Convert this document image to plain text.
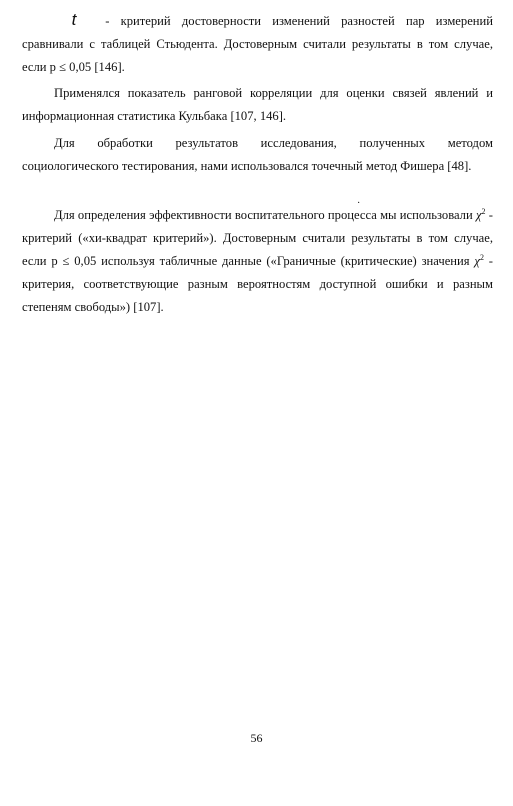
t - критерий достоверности изменений разностей пар измерений сравнивали с таблицей Стьюдента. Достоверным считали результаты в том случае, если p ≤ 0,05 [146].

Применялся показатель ранговой корреляции для оценки связей явлений и информационная статистика Кульбака [107, 146].

·

Для обработки результатов исследования, полученных методом социологического тестирования, нами использовался точечный метод Фишера [48].

Для определения эффективности воспитательного процесса мы использовали $\chi^2$ - критерий («хи-квадрат критерий»). Достоверным считали результаты в том случае, если p ≤ 0,05 используя табличные данные («Граничные (критические) значения $\chi^2$ - критерия, соответствующие разным вероятностям доступной ошибки и разным степеням свободы») [107].

56
